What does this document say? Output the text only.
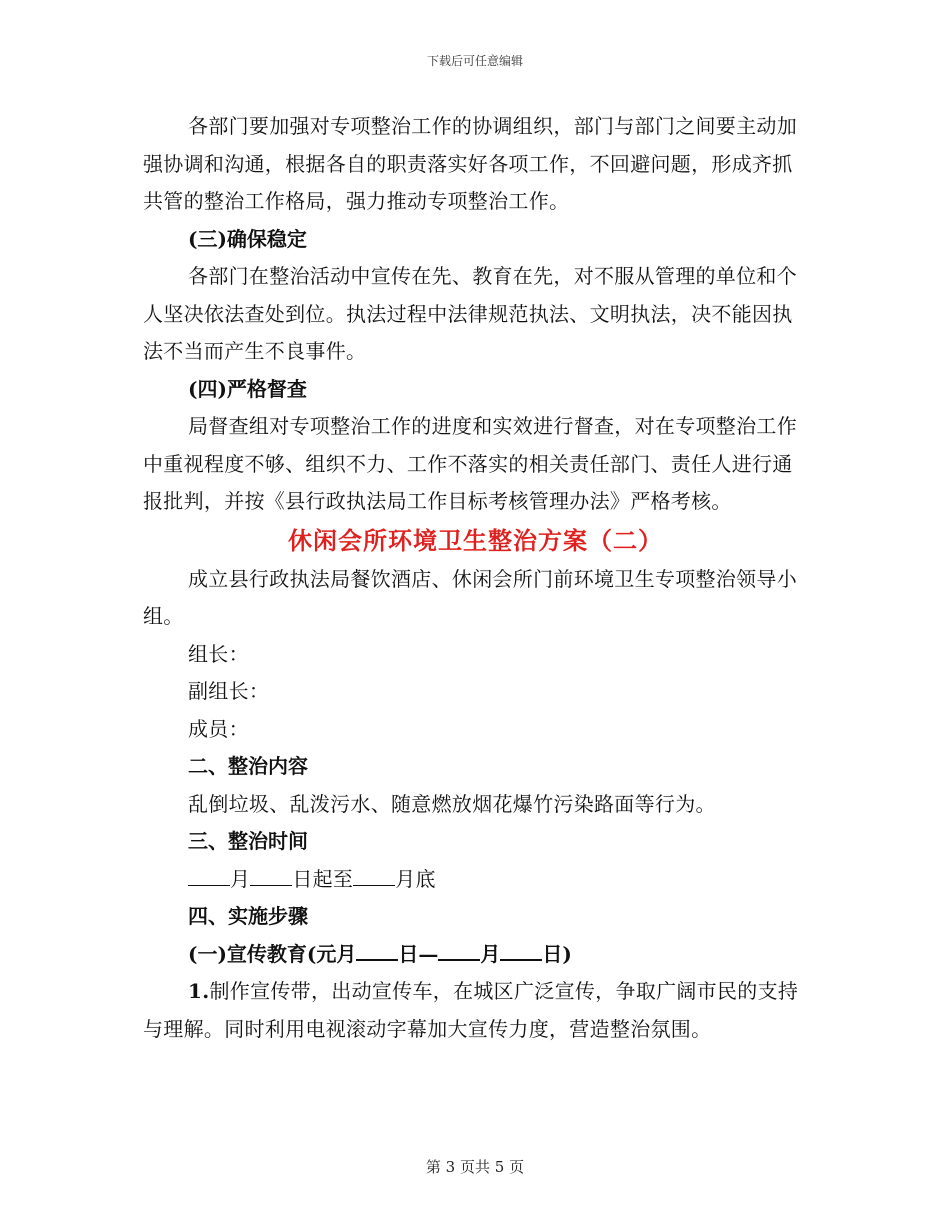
下载后可任意编辑

各部门要加强对专项整治工作的协调组织，部门与部门之间要主动加强协调和沟通，根据各自的职责落实好各项工作，不回避问题，形成齐抓共管的整治工作格局，强力推动专项整治工作。

(三)确保稳定

各部门在整治活动中宣传在先、教育在先，对不服从管理的单位和个人坚决依法查处到位。执法过程中法律规范执法、文明执法，决不能因执法不当而产生不良事件。

(四)严格督查

局督查组对专项整治工作的进度和实效进行督查，对在专项整治工作中重视程度不够、组织不力、工作不落实的相关责任部门、责任人进行通报批判，并按《县行政执法局工作目标考核管理办法》严格考核。

休闲会所环境卫生整治方案（二）

成立县行政执法局餐饮酒店、休闲会所门前环境卫生专项整治领导小组。

组长：

副组长：

成员：

二、整治内容

乱倒垃圾、乱泼污水、随意燃放烟花爆竹污染路面等行为。

三、整治时间

月 日起至 月底

四、实施步骤

(一)宣传教育(元月 日— 月 日)

1.制作宣传带，出动宣传车，在城区广泛宣传，争取广阔市民的支持与理解。同时利用电视滚动字幕加大宣传力度，营造整治氛围。

第 3 页共 5 页
